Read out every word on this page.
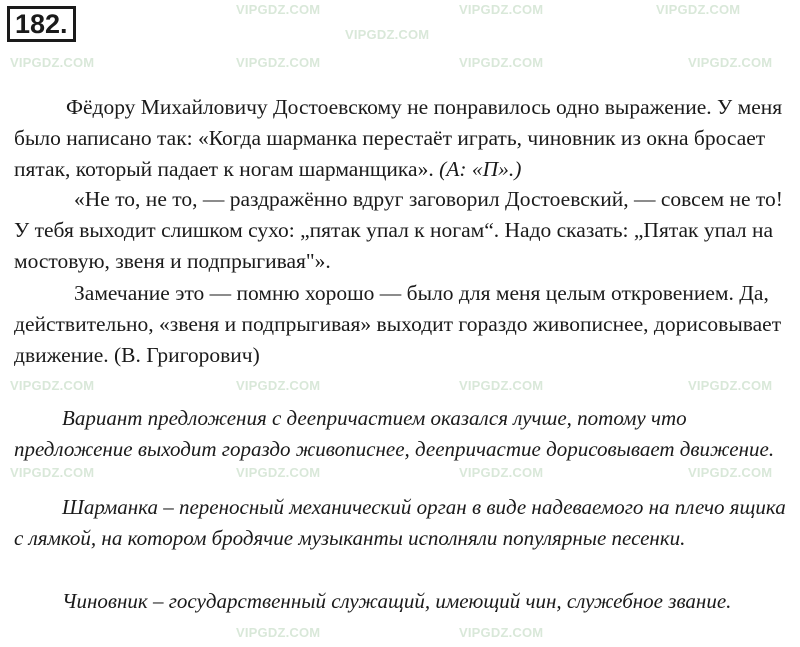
VIPGDZ.COM	VIPGDZ.COM	VIPGDZ.COM
VIPGDZ.COM	VIPGDZ.COM	VIPGDZ.COM	VIPGDZ.COM
VIPGDZ.COM
VIPGDZ.COM	VIPGDZ.COM	VIPGDZ.COM	VIPGDZ.COM
VIPGDZ.COM	VIPGDZ.COM	VIPGDZ.COM	VIPGDZ.COM
VIPGDZ.COM	VIPGDZ.COM
182.

Фёдору Михайловичу Достоевскому не понравилось одно выражение. У меня было написано так: «Когда шарманка перестаёт играть, чиновник из окна бросает пятак, который падает к ногам шарманщика». (А: «П».)

«Не то, не то, — раздражённо вдруг заговорил Достоевский, — совсем не то! У тебя выходит слишком сухо: „пятак упал к ногам“. Надо сказать: „Пятак упал на мостовую, звеня и подпрыгивая"».

Замечание это — помню хорошо — было для меня целым откровением. Да, действительно, «звеня и подпрыгивая» выходит гораздо живописнее, дорисовывает движение. (В. Григорович)

Вариант предложения с деепричастием оказался лучше, потому что предложение выходит гораздо живописнее, деепричастие дорисовывает движение.

Шарманка – переносный механический орган в виде надеваемого на плечо ящика с лямкой, на котором бродячие музыканты исполняли популярные песенки.

Чиновник – государственный служащий, имеющий чин, служебное звание.
